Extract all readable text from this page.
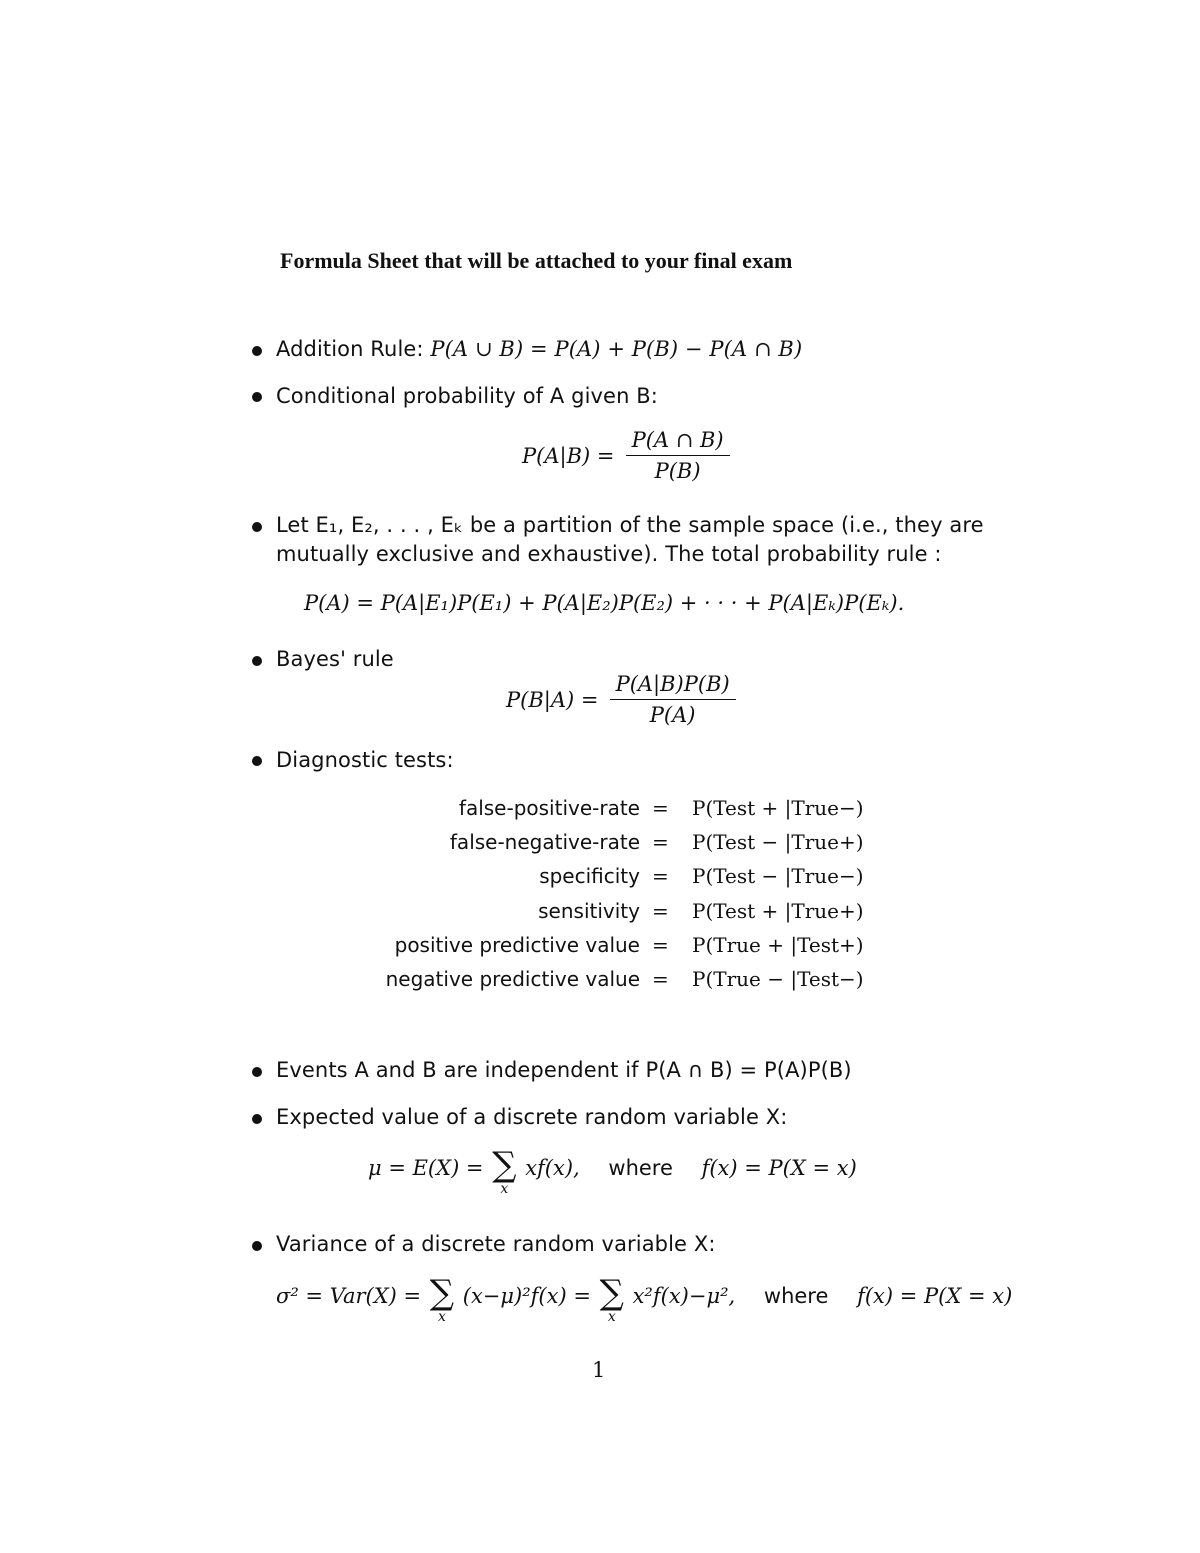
Formula Sheet that will be attached to your final exam
Addition Rule: P(A ∪ B) = P(A) + P(B) − P(A ∩ B)
Conditional probability of A given B:
$P(A|B) = \frac{P(A \cap B)}{P(B)}$
Let E₁, E₂, . . . , Eₖ be a partition of the sample space (i.e., they are
mutually exclusive and exhaustive). The total probability rule :
P(A) = P(A|E₁)P(E₁) + P(A|E₂)P(E₂) + · · · + P(A|Eₖ)P(Eₖ).
Bayes' rule
$P(B|A) = \frac{P(A|B)P(B)}{P(A)}$
Diagnostic tests:
false-positive-rate = P(Test + |True−)
false-negative-rate = P(Test − |True+)
specificity = P(Test − |True−)
sensitivity = P(Test + |True+)
positive predictive value = P(True + |Test+)
negative predictive value = P(True − |Test−)
Events A and B are independent if P(A ∩ B) = P(A)P(B)
Expected value of a discrete random variable X:
μ = E(X) = ∑
x
xf(x), where f(x) = P(X = x)
Variance of a discrete random variable X:
σ² = Var(X) = ∑
x
(x−μ)²f(x) = ∑
x
x²f(x)−μ², where f(x) = P(X = x)
1
